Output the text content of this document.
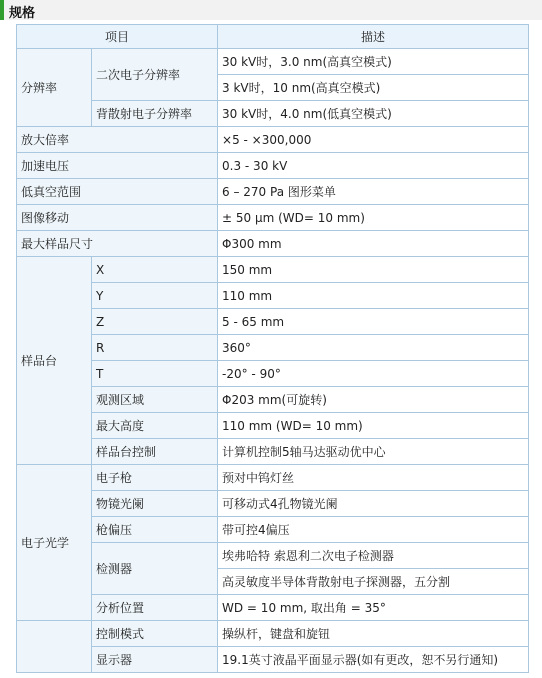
规格
项目		描述
分辨率	二次电子分辨率	30 kV时，3.0 nm(高真空模式)
		3 kV时，10 nm(高真空模式)
	背散射电子分辨率	30 kV时，4.0 nm(低真空模式)
放大倍率		×5 - ×300,000
加速电压		0.3 - 30 kV
低真空范围		6 – 270 Pa 图形菜单
图像移动		± 50 μm (WD= 10 mm)
最大样品尺寸		Φ300 mm
样品台	X	150 mm
	Y	110 mm
	Z	5 - 65 mm
	R	360°
	T	-20° - 90°
	观测区域	Φ203 mm(可旋转)
	最大高度	110 mm (WD= 10 mm)
	样品台控制	计算机控制5轴马达驱动优中心
电子光学	电子枪	预对中钨灯丝
	物镜光阑	可移动式4孔物镜光阑
	枪偏压	带可控4偏压
	检测器	埃弗哈特 索恩利二次电子检测器
		高灵敏度半导体背散射电子探测器，五分割
	分析位置	WD = 10 mm, 取出角 = 35°
	控制模式	操纵杆，键盘和旋钮
	显示器	19.1英寸液晶平面显示器(如有更改，恕不另行通知)
